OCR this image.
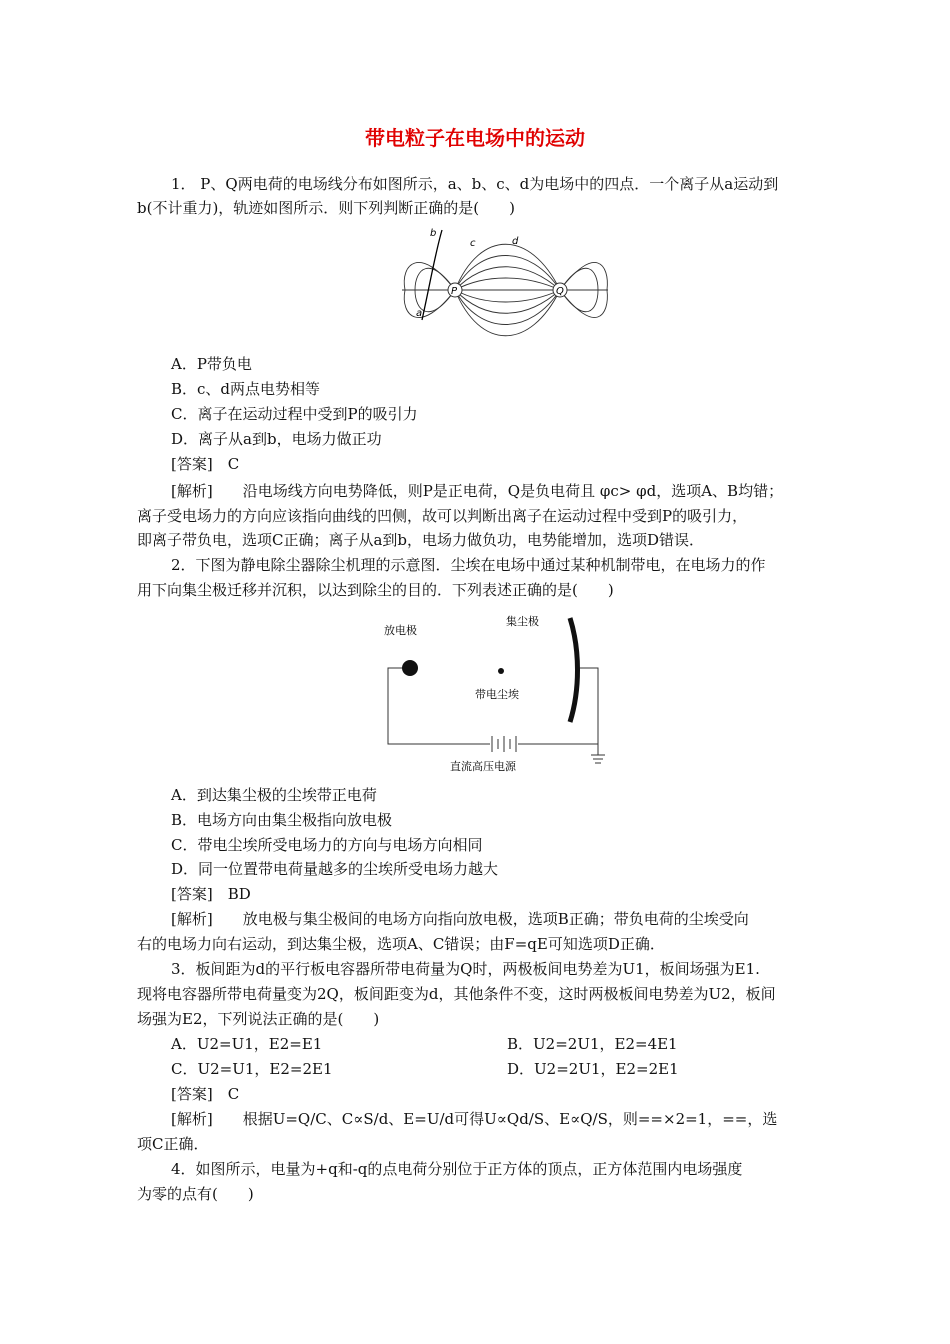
带电粒子在电场中的运动
1． P、Q两电荷的电场线分布如图所示，a、b、c、d为电场中的四点．一个离子从a运动到
b(不计重力)，轨迹如图所示．则下列判断正确的是(　　)
P	Q
b
c	d
a
A．P带负电
B．c、d两点电势相等
C．离子在运动过程中受到P的吸引力
D．离子从a到b，电场力做正功
[答案]　C
[解析]　　沿电场线方向电势降低，则P是正电荷，Q是负电荷且 φc> φd，选项A、B均错；
离子受电场力的方向应该指向曲线的凹侧，故可以判断出离子在运动过程中受到P的吸引力，
即离子带负电，选项C正确；离子从a到b，电场力做负功，电势能增加，选项D错误．
2．下图为静电除尘器除尘机理的示意图．尘埃在电场中通过某种机制带电，在电场力的作
用下向集尘极迁移并沉积，以达到除尘的目的．下列表述正确的是(　　)
放电极
集尘极
带电尘埃
直流高压电源
A．到达集尘极的尘埃带正电荷
B．电场方向由集尘极指向放电极
C．带电尘埃所受电场力的方向与电场方向相同
D．同一位置带电荷量越多的尘埃所受电场力越大
[答案]　BD
[解析]　　放电极与集尘极间的电场方向指向放电极，选项B正确；带负电荷的尘埃受向
右的电场力向右运动，到达集尘极，选项A、C错误；由F=qE可知选项D正确．
3．板间距为d的平行板电容器所带电荷量为Q时，两极板间电势差为U1，板间场强为E1.
现将电容器所带电荷量变为2Q，板间距变为d，其他条件不变，这时两极板间电势差为U2，板间
场强为E2，下列说法正确的是(　　)
A．U2=U1，E2=E1	B．U2=2U1，E2=4E1
C．U2=U1，E2=2E1	D．U2=2U1，E2=2E1
[答案]　C
[解析]　　根据U=Q/C、C∝S/d、E=U/d可得U∝Qd/S、E∝Q/S，则==×2=1，==，选
项C正确．
4．如图所示，电量为+q和-q的点电荷分别位于正方体的顶点，正方体范围内电场强度
为零的点有(　　)
